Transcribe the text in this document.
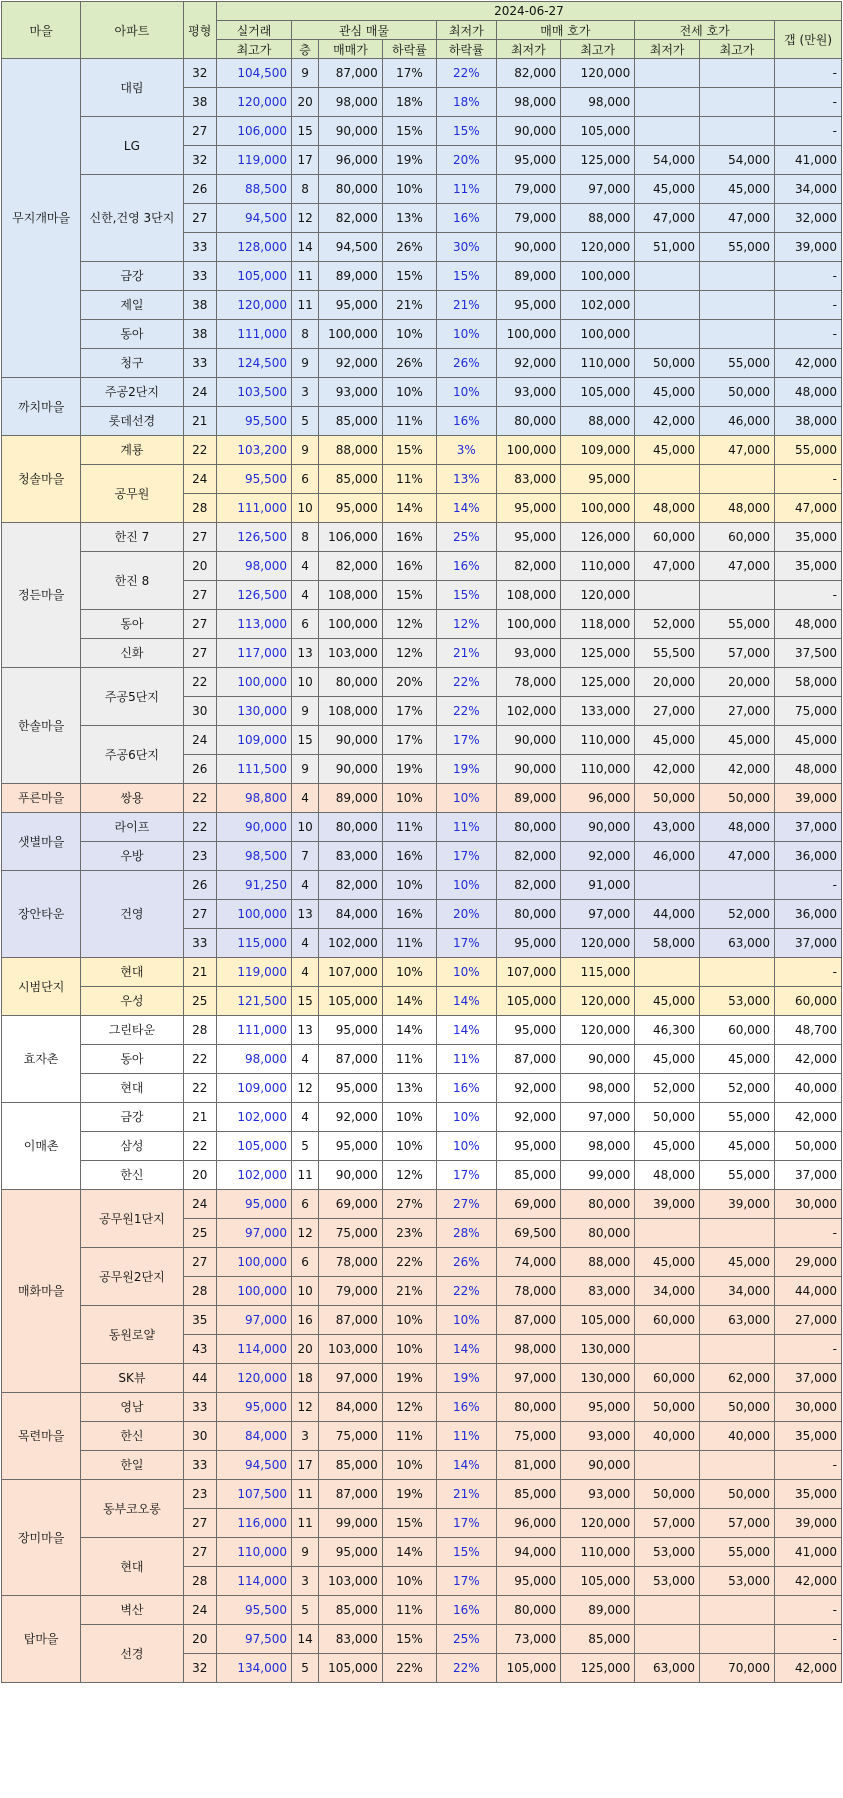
마을	아파트	평형	2024-06-27									
			실거래	관심 매물			최저가	매매 호가		전세 호가		갭 (만원)
			최고가	층	매매가	하락률	하락률	최저가	최고가	최저가	최고가	
무지개마을	대림	32	104,500	9	87,000	17%	22%	82,000	120,000			-
		38	120,000	20	98,000	18%	18%	98,000	98,000			-
	LG	27	106,000	15	90,000	15%	15%	90,000	105,000			-
		32	119,000	17	96,000	19%	20%	95,000	125,000	54,000	54,000	41,000
	신한,건영 3단지	26	88,500	8	80,000	10%	11%	79,000	97,000	45,000	45,000	34,000
		27	94,500	12	82,000	13%	16%	79,000	88,000	47,000	47,000	32,000
		33	128,000	14	94,500	26%	30%	90,000	120,000	51,000	55,000	39,000
	금강	33	105,000	11	89,000	15%	15%	89,000	100,000			-
	제일	38	120,000	11	95,000	21%	21%	95,000	102,000			-
	동아	38	111,000	8	100,000	10%	10%	100,000	100,000			-
	청구	33	124,500	9	92,000	26%	26%	92,000	110,000	50,000	55,000	42,000
까치마을	주공2단지	24	103,500	3	93,000	10%	10%	93,000	105,000	45,000	50,000	48,000
	롯데선경	21	95,500	5	85,000	11%	16%	80,000	88,000	42,000	46,000	38,000
청솔마을	계룡	22	103,200	9	88,000	15%	3%	100,000	109,000	45,000	47,000	55,000
	공무원	24	95,500	6	85,000	11%	13%	83,000	95,000			-
		28	111,000	10	95,000	14%	14%	95,000	100,000	48,000	48,000	47,000
정든마을	한진 7	27	126,500	8	106,000	16%	25%	95,000	126,000	60,000	60,000	35,000
	한진 8	20	98,000	4	82,000	16%	16%	82,000	110,000	47,000	47,000	35,000
		27	126,500	4	108,000	15%	15%	108,000	120,000			-
	동아	27	113,000	6	100,000	12%	12%	100,000	118,000	52,000	55,000	48,000
	신화	27	117,000	13	103,000	12%	21%	93,000	125,000	55,500	57,000	37,500
한솔마을	주공5단지	22	100,000	10	80,000	20%	22%	78,000	125,000	20,000	20,000	58,000
		30	130,000	9	108,000	17%	22%	102,000	133,000	27,000	27,000	75,000
	주공6단지	24	109,000	15	90,000	17%	17%	90,000	110,000	45,000	45,000	45,000
		26	111,500	9	90,000	19%	19%	90,000	110,000	42,000	42,000	48,000
푸른마을	쌍용	22	98,800	4	89,000	10%	10%	89,000	96,000	50,000	50,000	39,000
샛별마을	라이프	22	90,000	10	80,000	11%	11%	80,000	90,000	43,000	48,000	37,000
	우방	23	98,500	7	83,000	16%	17%	82,000	92,000	46,000	47,000	36,000
장안타운	건영	26	91,250	4	82,000	10%	10%	82,000	91,000			-
		27	100,000	13	84,000	16%	20%	80,000	97,000	44,000	52,000	36,000
		33	115,000	4	102,000	11%	17%	95,000	120,000	58,000	63,000	37,000
시범단지	현대	21	119,000	4	107,000	10%	10%	107,000	115,000			-
	우성	25	121,500	15	105,000	14%	14%	105,000	120,000	45,000	53,000	60,000
효자촌	그린타운	28	111,000	13	95,000	14%	14%	95,000	120,000	46,300	60,000	48,700
	동아	22	98,000	4	87,000	11%	11%	87,000	90,000	45,000	45,000	42,000
	현대	22	109,000	12	95,000	13%	16%	92,000	98,000	52,000	52,000	40,000
이매촌	금강	21	102,000	4	92,000	10%	10%	92,000	97,000	50,000	55,000	42,000
	삼성	22	105,000	5	95,000	10%	10%	95,000	98,000	45,000	45,000	50,000
	한신	20	102,000	11	90,000	12%	17%	85,000	99,000	48,000	55,000	37,000
매화마을	공무원1단지	24	95,000	6	69,000	27%	27%	69,000	80,000	39,000	39,000	30,000
		25	97,000	12	75,000	23%	28%	69,500	80,000			-
	공무원2단지	27	100,000	6	78,000	22%	26%	74,000	88,000	45,000	45,000	29,000
		28	100,000	10	79,000	21%	22%	78,000	83,000	34,000	34,000	44,000
	동원로얄	35	97,000	16	87,000	10%	10%	87,000	105,000	60,000	63,000	27,000
		43	114,000	20	103,000	10%	14%	98,000	130,000			-
	SK뷰	44	120,000	18	97,000	19%	19%	97,000	130,000	60,000	62,000	37,000
목련마을	영남	33	95,000	12	84,000	12%	16%	80,000	95,000	50,000	50,000	30,000
	한신	30	84,000	3	75,000	11%	11%	75,000	93,000	40,000	40,000	35,000
	한일	33	94,500	17	85,000	10%	14%	81,000	90,000			-
장미마을	동부코오롱	23	107,500	11	87,000	19%	21%	85,000	93,000	50,000	50,000	35,000
		27	116,000	11	99,000	15%	17%	96,000	120,000	57,000	57,000	39,000
	현대	27	110,000	9	95,000	14%	15%	94,000	110,000	53,000	55,000	41,000
		28	114,000	3	103,000	10%	17%	95,000	105,000	53,000	53,000	42,000
탑마을	벽산	24	95,500	5	85,000	11%	16%	80,000	89,000			-
	선경	20	97,500	14	83,000	15%	25%	73,000	85,000			-
		32	134,000	5	105,000	22%	22%	105,000	125,000	63,000	70,000	42,000
